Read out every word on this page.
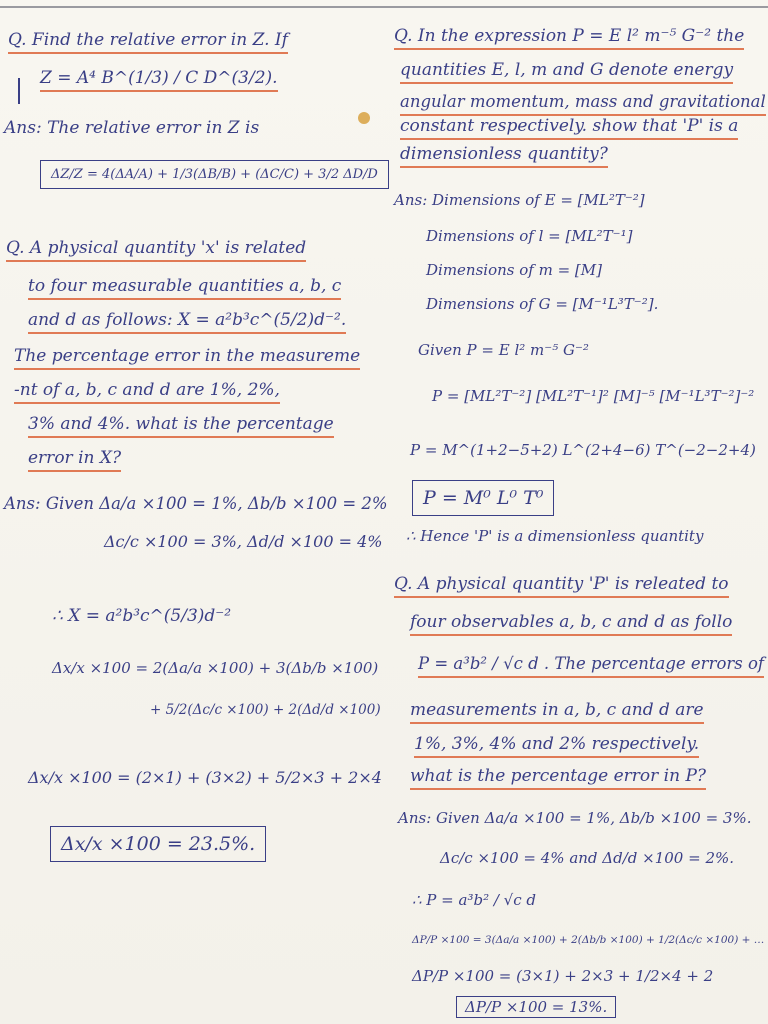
Q. Find the relative error in Z. If
Z = A⁴ B^(1/3) / C D^(3/2).
Ans: The relative error in Z is
ΔZ/Z = 4(ΔA/A) + 1/3(ΔB/B) + (ΔC/C) + 3/2 ΔD/D
Q. A physical quantity 'x' is related
to four measurable quantities a, b, c
and d as follows: X = a²b³c^(5/2)d⁻².
The percentage error in the measureme
-nt of a, b, c and d are 1%, 2%,
3% and 4%. what is the percentage
error in X?
Ans: Given Δa/a ×100 = 1%, Δb/b ×100 = 2%
Δc/c ×100 = 3%, Δd/d ×100 = 4%
∴ X = a²b³c^(5/3)d⁻²
Δx/x ×100 = 2(Δa/a ×100) + 3(Δb/b ×100)
+ 5/2(Δc/c ×100) + 2(Δd/d ×100)
Δx/x ×100 = (2×1) + (3×2) + 5/2×3 + 2×4
Δx/x ×100 = 23.5%.
Q. In the expression P = E l² m⁻⁵ G⁻² the
quantities E, l, m and G denote energy
angular momentum, mass and gravitational
constant respectively. show that 'P' is a
dimensionless quantity?
Ans: Dimensions of E = [ML²T⁻²]
Dimensions of l = [ML²T⁻¹]
Dimensions of m = [M]
Dimensions of G = [M⁻¹L³T⁻²].
Given P = E l² m⁻⁵ G⁻²
P = [ML²T⁻²] [ML²T⁻¹]² [M]⁻⁵ [M⁻¹L³T⁻²]⁻²
P = M^(1+2−5+2) L^(2+4−6) T^(−2−2+4)
P = M⁰ L⁰ T⁰
∴ Hence 'P' is a dimensionless quantity
Q. A physical quantity 'P' is releated to
four observables a, b, c and d as follo
P = a³b² / √c d . The percentage errors of
measurements in a, b, c and d are
1%, 3%, 4% and 2% respectively.
what is the percentage error in P?
Ans: Given Δa/a ×100 = 1%, Δb/b ×100 = 3%.
Δc/c ×100 = 4% and Δd/d ×100 = 2%.
∴ P = a³b² / √c d
ΔP/P ×100 = 3(Δa/a ×100) + 2(Δb/b ×100) + 1/2(Δc/c ×100) + …
ΔP/P ×100 = (3×1) + 2×3 + 1/2×4 + 2
ΔP/P ×100 = 13%.
